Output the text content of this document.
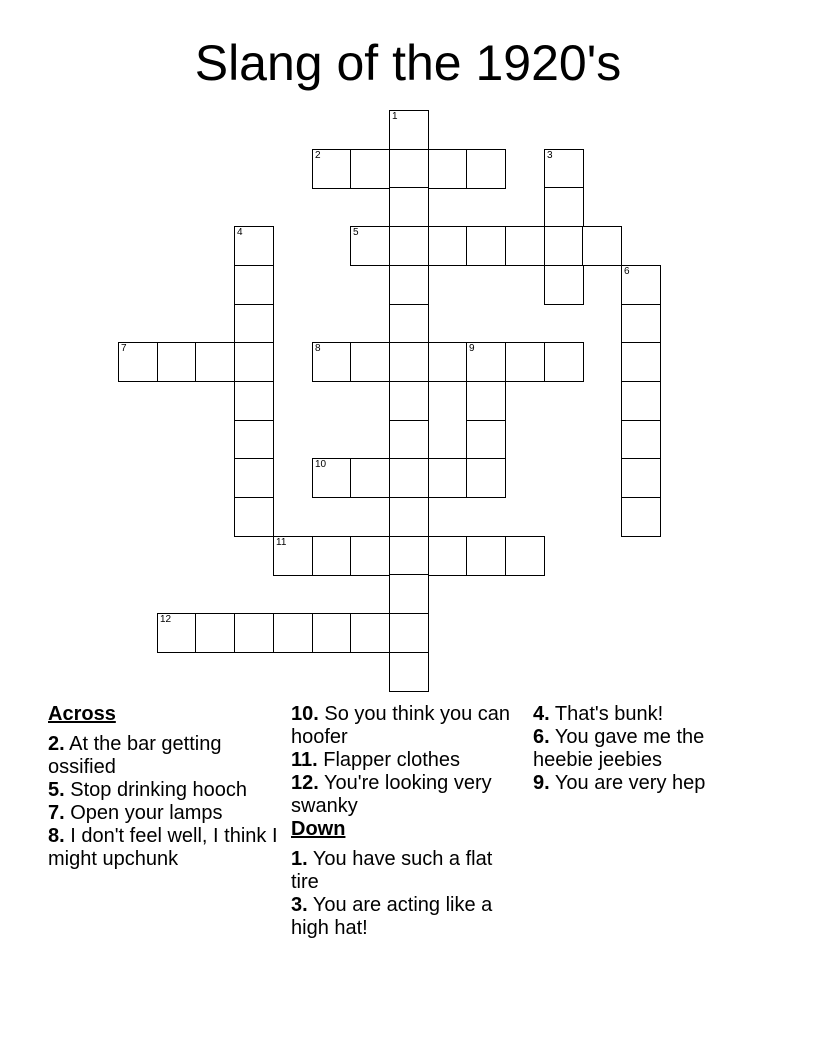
Slang of the 1920's
1
2	3
4	5
6
7	8	9
10
11
12
Across
2. At the bar getting ossified
5. Stop drinking hooch
7. Open your lamps
8. I don't feel well, I think I might upchunk
10. So you think you can hoofer
11. Flapper clothes
12. You're looking very swanky
Down
1. You have such a flat tire
3. You are acting like a high hat!
4. That's bunk!
6. You gave me the heebie jeebies
9. You are very hep
